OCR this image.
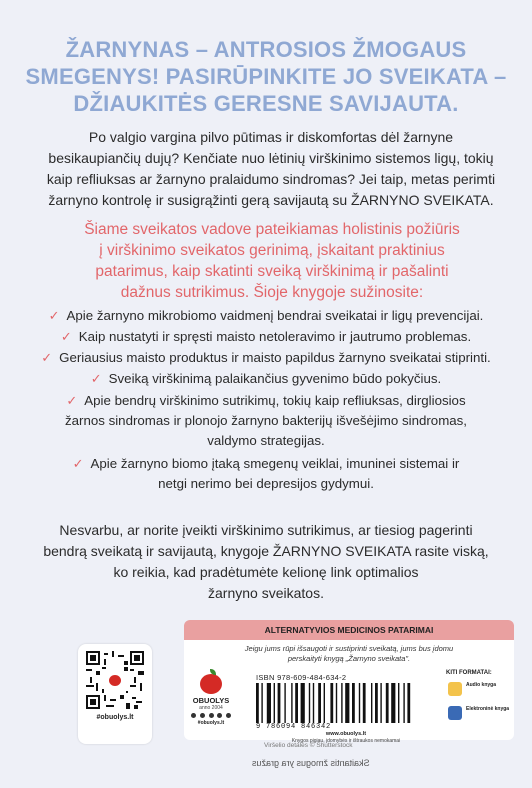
ŽARNYNAS – ANTROSIOS ŽMOGAUS
SMEGENYS! PASIRŪPINKITE JO SVEIKATA –
DŽIAUKITĖS GERESNE SAVIJAUTA.
Po valgio vargina pilvo pūtimas ir diskomfortas dėl žarnyne
besikaupiančių dujų? Kenčiate nuo lėtinių virškinimo sistemos ligų, tokių
kaip refliuksas ar žarnyno pralaidumo sindromas? Jei taip, metas perimti
žarnyno kontrolę ir susigrąžinti gerą savijautą su ŽARNYNO SVEIKATA.
Šiame sveikatos vadove pateikiamas holistinis požiūris
į virškinimo sveikatos gerinimą, įskaitant praktinius
patarimus, kaip skatinti sveiką virškinimą ir pašalinti
dažnus sutrikimus. Šioje knygoje sužinosite:
✓ Apie žarnyno mikrobiomo vaidmenį bendrai sveikatai ir ligų prevencijai.
✓ Kaip nustatyti ir spręsti maisto netoleravimo ir jautrumo problemas.
✓ Geriausius maisto produktus ir maisto papildus žarnyno sveikatai stiprinti.
✓ Sveiką virškinimą palaikančius gyvenimo būdo pokyčius.
✓ Apie bendrų virškinimo sutrikimų, tokių kaip refliuksas, dirgliosios
žarnos sindromas ir plonojo žarnyno bakterijų išvešėjimo sindromas,
valdymo strategijas.
✓ Apie žarnyno biomo įtaką smegenų veiklai, imuninei sistemai ir
netgi nerimo bei depresijos gydymui.
Nesvarbu, ar norite įveikti virškinimo sutrikimus, ar tiesiog pagerinti
bendrą sveikatą ir savijautą, knygoje ŽARNYNO SVEIKATA rasite viską,
ko reikia, kad pradėtumėte kelionę link optimalios
žarnyno sveikatos.
#obuolys.lt
ALTERNATYVIOS MEDICINOS PATARIMAI
Jeigu jums rūpi išsaugoti ir sustiprinti sveikatą, jums bus įdomu
perskaityti knygą „Žarnyno sveikata".
OBUOLYS
anno 2004
#obuolys.lt
ISBN 978-609-484-634-2
9 786094 846342
www.obuolys.lt
Knygos pigiau, įdomybės ir ištraukos nemokamai
KITI FORMATAI:
Audio knyga
Elektroninė knyga
Viršelio detalės © Shutterstock
Skaitantis žmogus yra gražus
